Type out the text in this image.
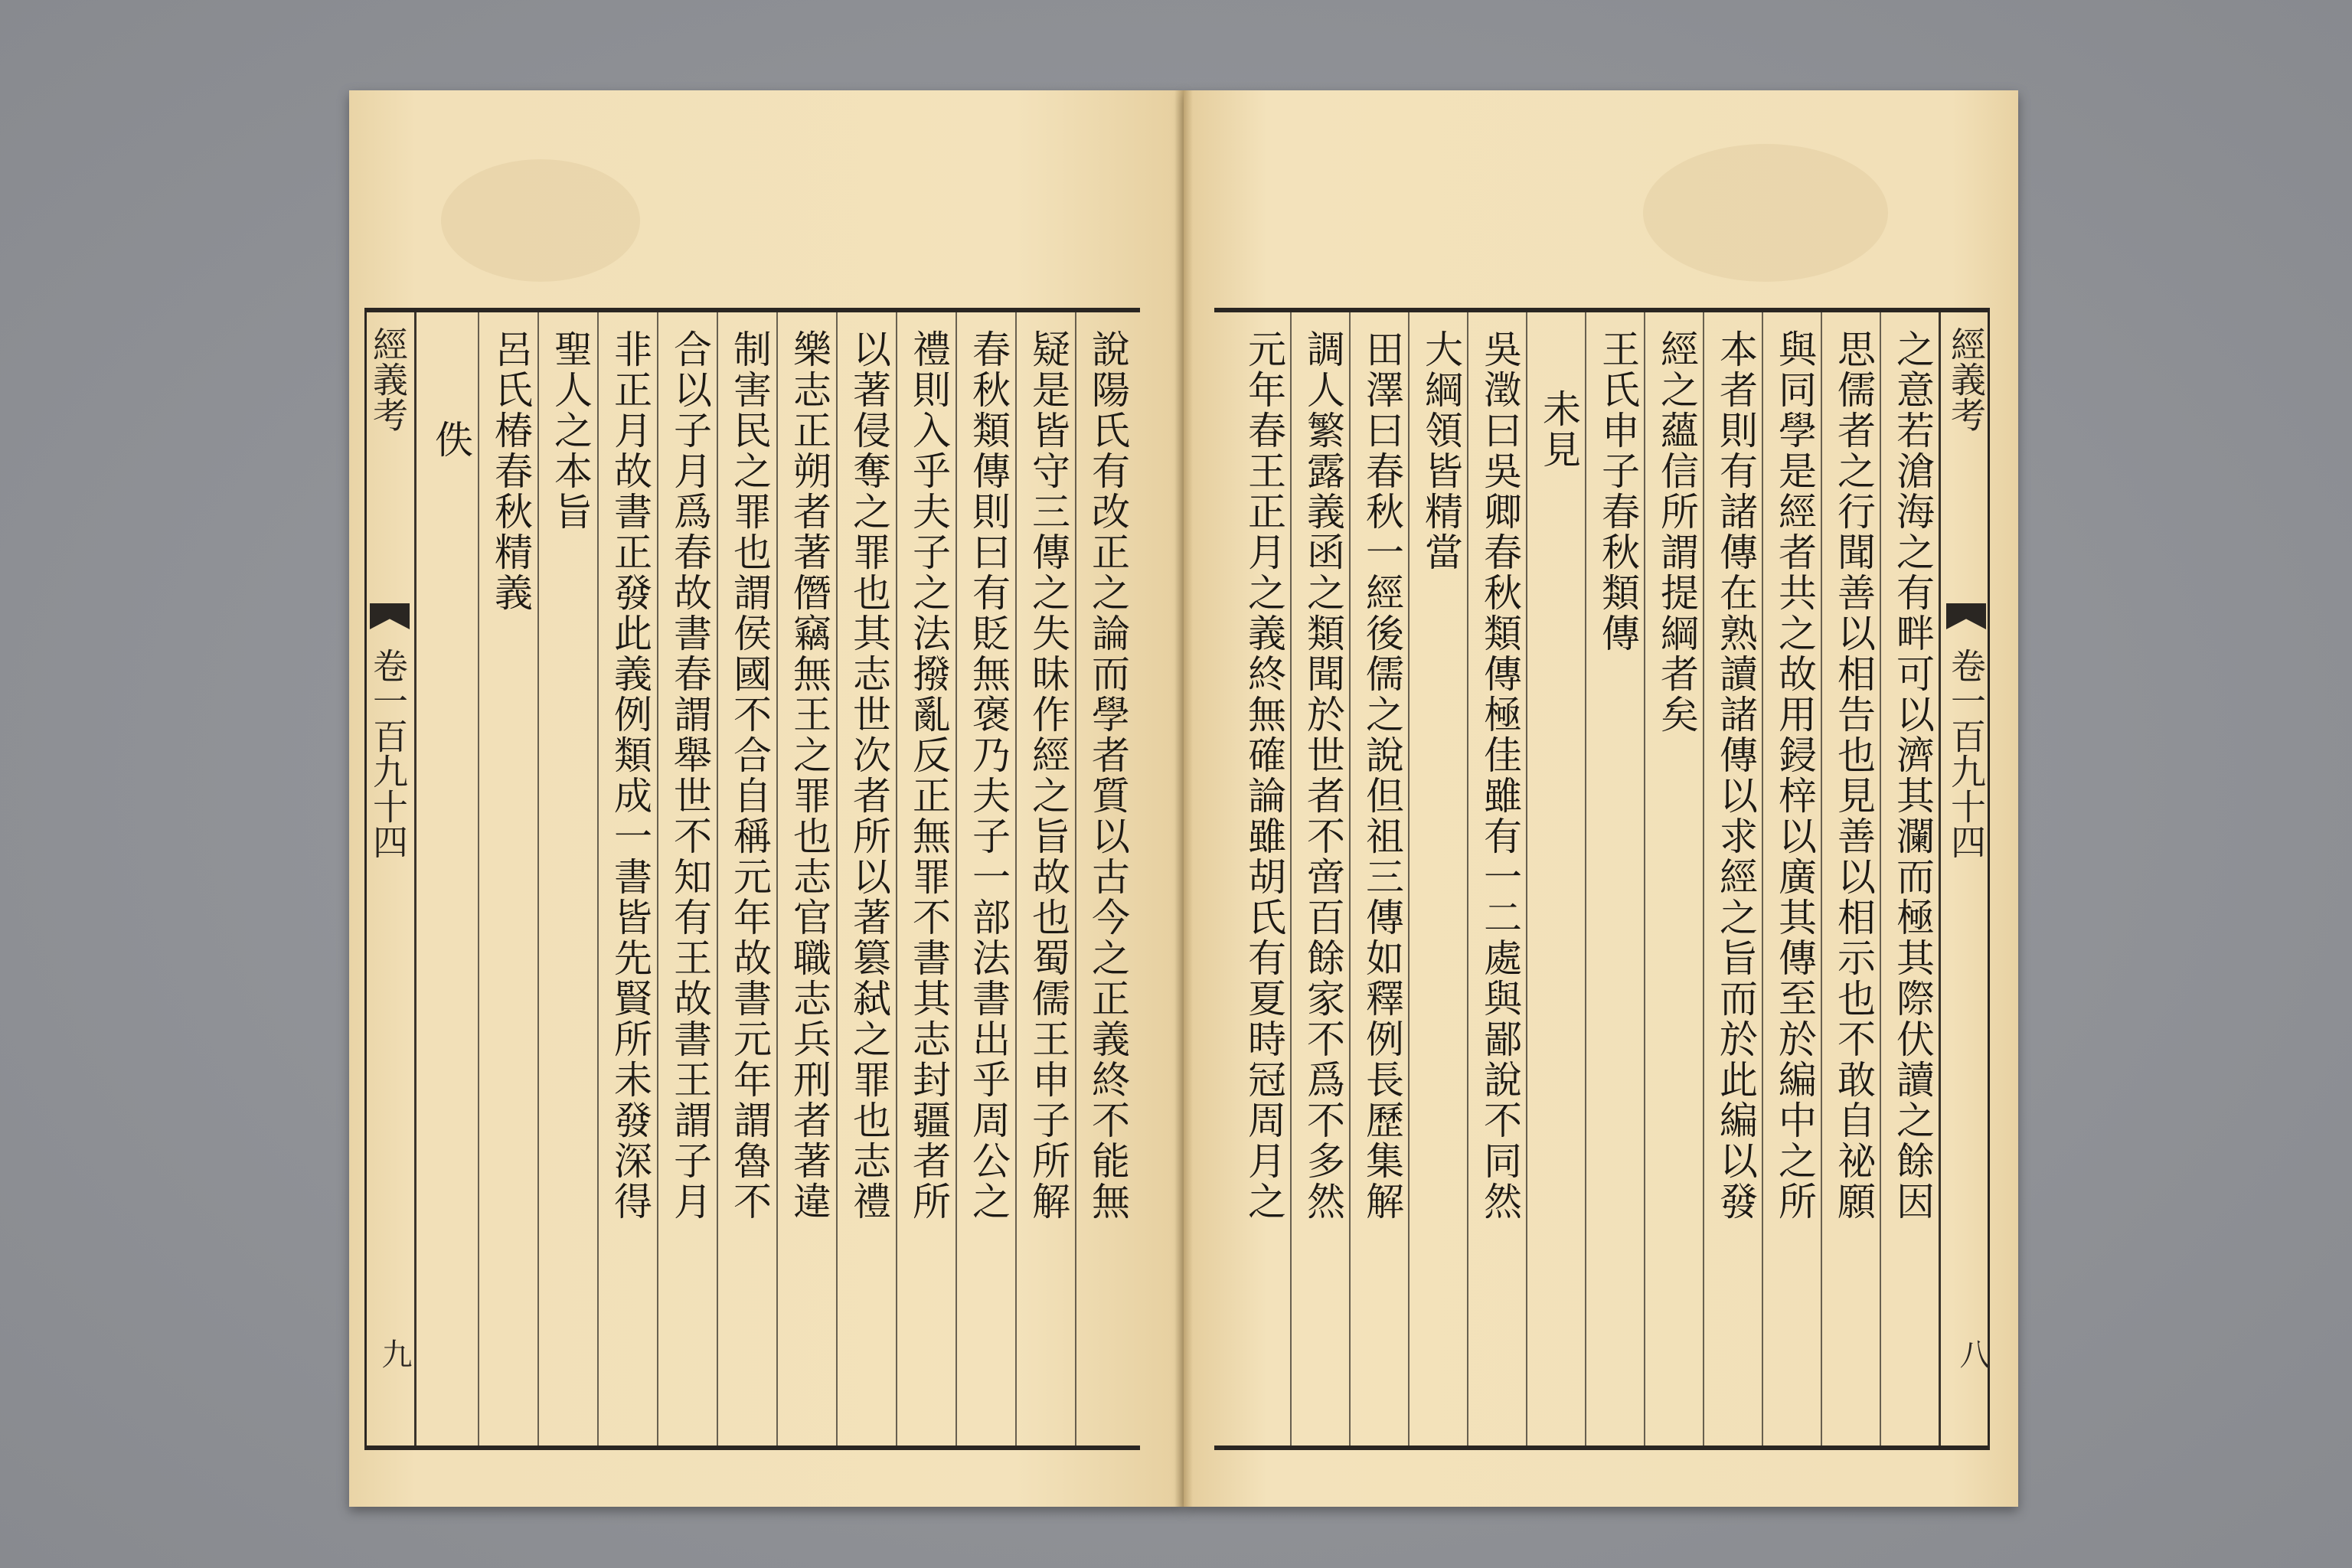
說陽氏有改正之論而學者質以古今之正義終不能無
疑是皆守三傳之失昧作經之旨故也蜀儒王申子所解
春秋類傳則曰有貶無褒乃夫子一部法書出乎周公之
禮則入乎夫子之法撥亂反正無罪不書其志封疆者所
以著侵奪之罪也其志世次者所以著篡弑之罪也志禮
樂志正朔者著僭竊無王之罪也志官職志兵刑者著違
制害民之罪也謂侯國不合自稱元年故書元年謂魯不
合以子月爲春故書春謂舉世不知有王故書王謂子月
非正月故書正發此義例類成一書皆先賢所未發深得
聖人之本旨
呂氏椿春秋精義
佚
經義考
卷一百九十四
九
經義考
卷一百九十四
八
之意若滄海之有畔可以濟其瀾而極其際伏讀之餘因
思儒者之行聞善以相告也見善以相示也不敢自祕願
與同學是經者共之故用鋟梓以廣其傳至於編中之所
本者則有諸傳在熟讀諸傳以求經之旨而於此編以發
經之蘊信所謂提綱者矣
王氏申子春秋類傳
未見
吳澂曰吳卿春秋類傳極佳雖有一二處與鄙說不同然
大綱領皆精當
田澤曰春秋一經後儒之說但祖三傳如釋例長歷集解
調人繁露義函之類聞於世者不啻百餘家不爲不多然
元年春王正月之義終無確論雖胡氏有夏時冠周月之
